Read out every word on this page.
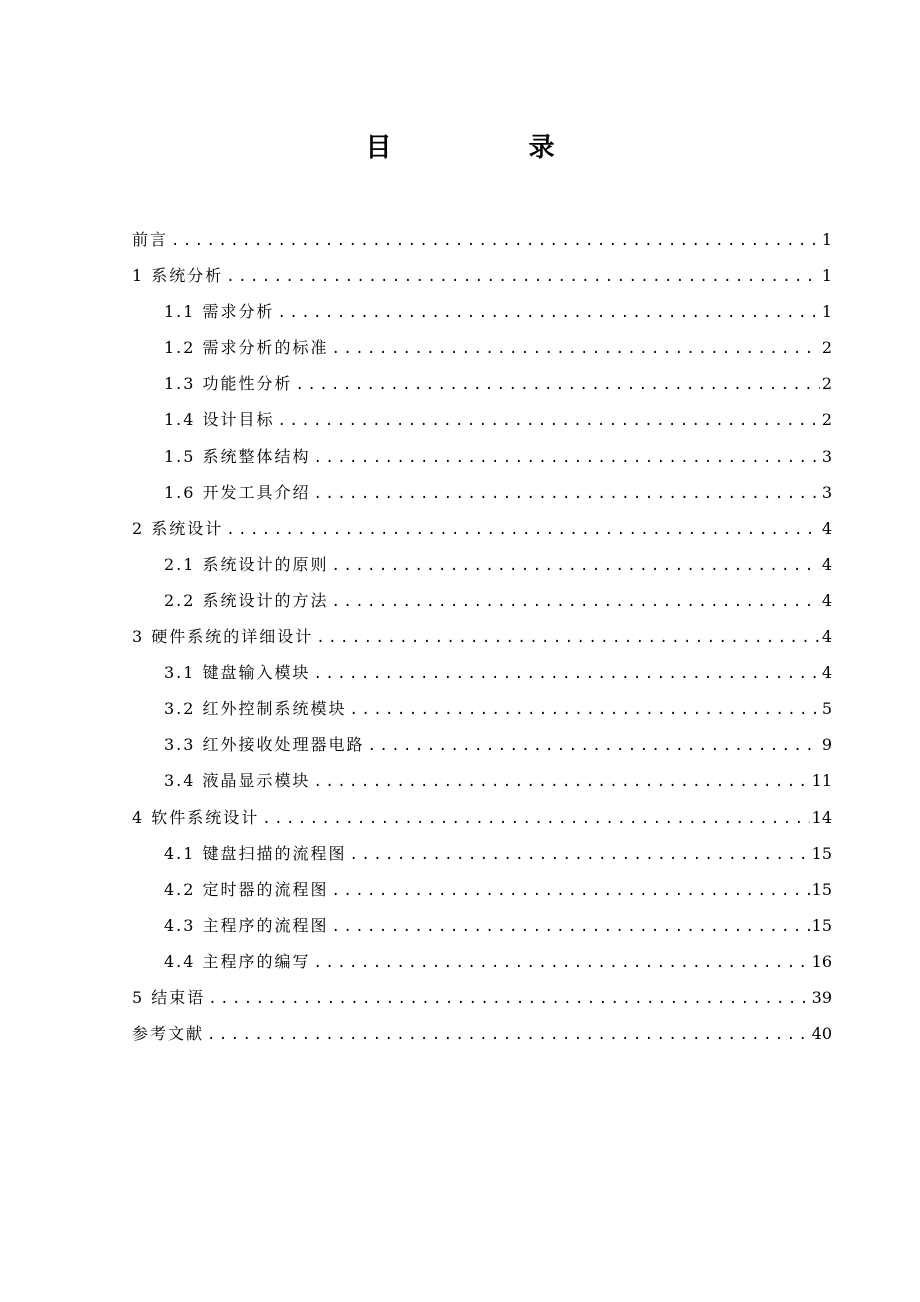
目 录
前言 .....	1
1 系统分析 .....	1
1.1 需求分析 .....	1
1.2 需求分析的标准 .....	2
1.3 功能性分析 .....	2
1.4 设计目标 .....	2
1.5 系统整体结构 .....	3
1.6 开发工具介绍 .....	3
2 系统设计 .....	4
2.1 系统设计的原则 .....	4
2.2 系统设计的方法 .....	4
3 硬件系统的详细设计 .....	4
3.1 键盘输入模块 .....	4
3.2 红外控制系统模块 .....	5
3.3 红外接收处理器电路 .....	9
3.4 液晶显示模块 .....	11
4 软件系统设计 .....	14
4.1 键盘扫描的流程图 .....	15
4.2 定时器的流程图 .....	15
4.3 主程序的流程图 .....	15
4.4 主程序的编写 .....	16
5 结束语 .....	39
参考文献 .....	40
